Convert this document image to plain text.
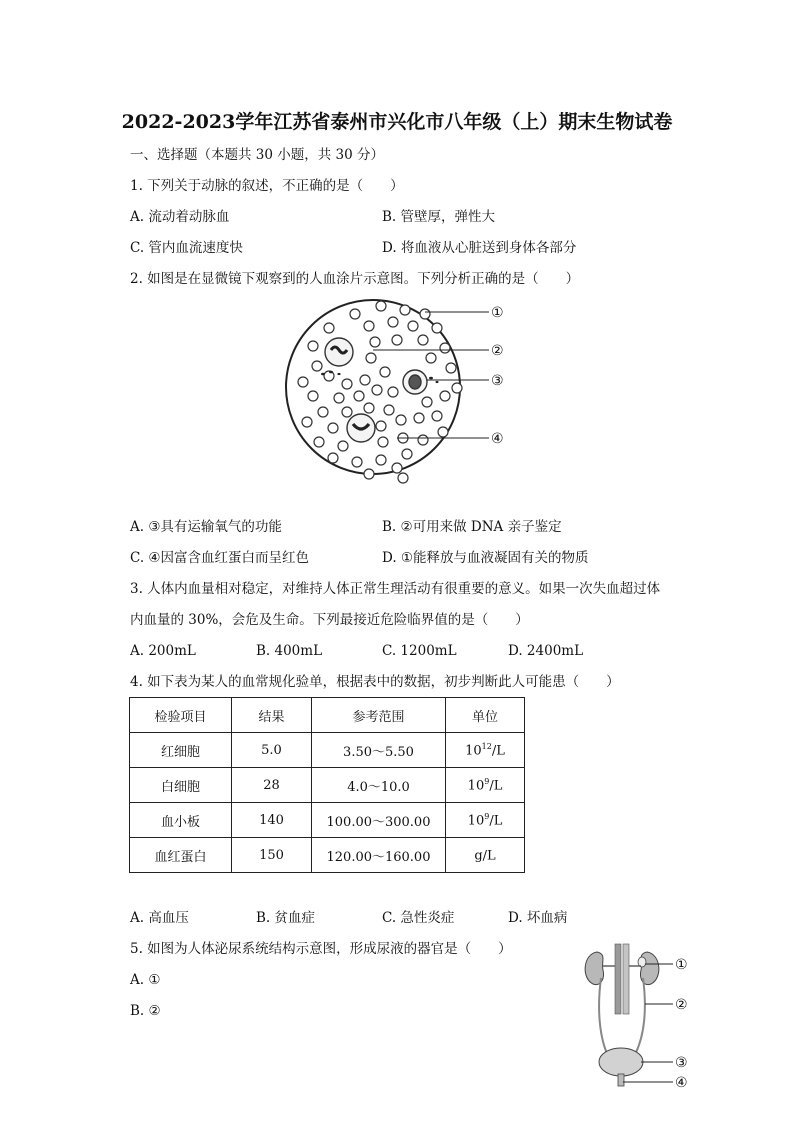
2022-2023学年江苏省泰州市兴化市八年级（上）期末生物试卷
一、选择题（本题共 30 小题，共 30 分）
1. 下列关于动脉的叙述，不正确的是（　　）
A. 流动着动脉血	B. 管壁厚，弹性大
C. 管内血流速度快	D. 将血液从心脏送到身体各部分
2. 如图是在显微镜下观察到的人血涂片示意图。下列分析正确的是（　　）
①
②
③
④
A. ③具有运输氧气的功能	B. ②可用来做 DNA 亲子鉴定
C. ④因富含血红蛋白而呈红色	D. ①能释放与血液凝固有关的物质
3. 人体内血量相对稳定，对维持人体正常生理活动有很重要的意义。如果一次失血超过体
内血量的 30%，会危及生命。下列最接近危险临界值的是（　　）
A. 200mL	B. 400mL	C. 1200mL	D. 2400mL
4. 如下表为某人的血常规化验单，根据表中的数据，初步判断此人可能患（　　）
检验项目	结果	参考范围	单位
红细胞	5.0	3.50～5.50	$10^{12}/L$
白细胞	28	4.0～10.0	$10^9/L$
血小板	140	100.00～300.00	$10^9/L$
血红蛋白	150	120.00～160.00	g/L
A. 高血压	B. 贫血症	C. 急性炎症	D. 坏血病
5. 如图为人体泌尿系统结构示意图，形成尿液的器官是（　　）
A. ①
B. ②
①
②
③
④
